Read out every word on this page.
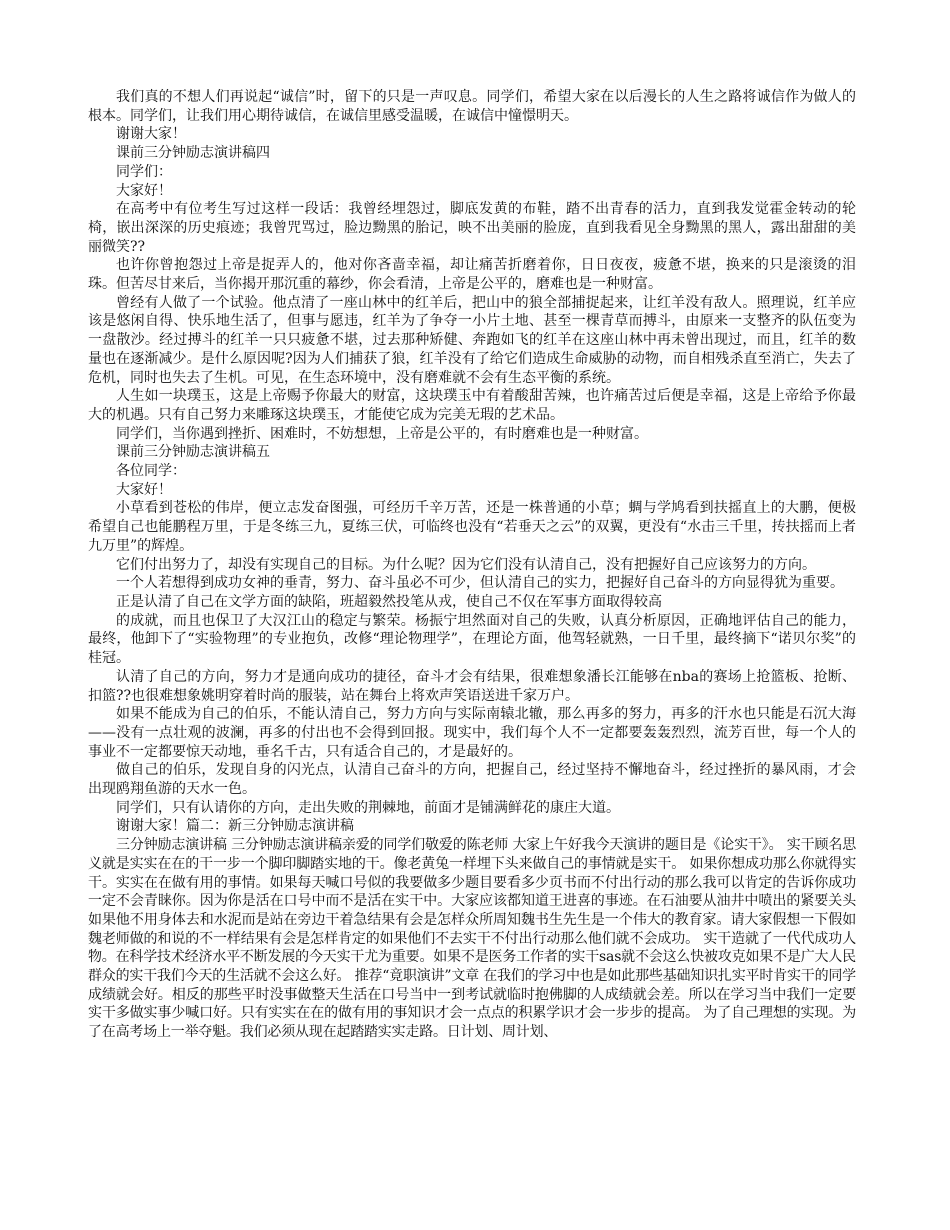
我们真的不想人们再说起“诚信”时，留下的只是一声叹息。同学们，希望大家在以后漫长的人生之路将诚信作为做人的根本。同学们，让我们用心期待诚信，在诚信里感受温暖，在诚信中憧憬明天。

谢谢大家！

课前三分钟励志演讲稿四

同学们：

大家好！

在高考中有位考生写过这样一段话：我曾经埋怨过，脚底发黄的布鞋，踏不出青春的活力，直到我发觉霍金转动的轮椅，嵌出深深的历史痕迹；我曾咒骂过，脸边黝黑的胎记，映不出美丽的脸庞，直到我看见全身黝黑的黑人，露出甜甜的美丽微笑??

也许你曾抱怨过上帝是捉弄人的，他对你吝啬幸福，却让痛苦折磨着你，日日夜夜，疲惫不堪，换来的只是滚烫的泪珠。但苦尽甘来后，当你揭开那沉重的幕纱，你会看清，上帝是公平的，磨难也是一种财富。

曾经有人做了一个试验。他点清了一座山林中的红羊后，把山中的狼全部捕捉起来，让红羊没有敌人。照理说，红羊应该是悠闲自得、快乐地生活了，但事与愿违，红羊为了争夺一小片土地、甚至一棵青草而搏斗，由原来一支整齐的队伍变为一盘散沙。经过搏斗的红羊一只只疲惫不堪，过去那种矫健、奔跑如飞的红羊在这座山林中再未曾出现过，而且，红羊的数量也在逐渐减少。是什么原因呢?因为人们捕获了狼，红羊没有了给它们造成生命威胁的动物，而自相残杀直至消亡，失去了危机，同时也失去了生机。可见，在生态环境中，没有磨难就不会有生态平衡的系统。

人生如一块璞玉，这是上帝赐予你最大的财富，这块璞玉中有着酸甜苦辣，也许痛苦过后便是幸福，这是上帝给予你最大的机遇。只有自己努力来雕琢这块璞玉，才能使它成为完美无瑕的艺术品。

同学们，当你遇到挫折、困难时，不妨想想，上帝是公平的，有时磨难也是一种财富。

课前三分钟励志演讲稿五

各位同学：

大家好！

小草看到苍松的伟岸，便立志发奋图强，可经历千辛万苦，还是一株普通的小草；蜩与学鸠看到扶摇直上的大鹏，便极希望自己也能鹏程万里，于是冬练三九，夏练三伏，可临终也没有“若垂天之云”的双翼，更没有“水击三千里，抟扶摇而上者九万里”的辉煌。

它们付出努力了，却没有实现自己的目标。为什么呢？因为它们没有认清自己，没有把握好自己应该努力的方向。

一个人若想得到成功女神的垂青，努力、奋斗虽必不可少，但认清自己的实力，把握好自己奋斗的方向显得犹为重要。

正是认清了自己在文学方面的缺陷，班超毅然投笔从戎，使自己不仅在军事方面取得较高

的成就，而且也保卫了大汉江山的稳定与繁荣。杨振宁坦然面对自己的失败，认真分析原因，正确地评估自己的能力，最终，他卸下了“实验物理”的专业抱负，改修“理论物理学”，在理论方面，他驾轻就熟，一日千里，最终摘下“诺贝尔奖”的桂冠。

认清了自己的方向，努力才是通向成功的捷径，奋斗才会有结果，很难想象潘长江能够在nba的赛场上抢篮板、抢断、扣篮??也很难想象姚明穿着时尚的服装，站在舞台上将欢声笑语送进千家万户。

如果不能成为自己的伯乐，不能认清自己，努力方向与实际南辕北辙，那么再多的努力，再多的汗水也只能是石沉大海——没有一点壮观的波澜，再多的付出也不会得到回报。现实中，我们每个人不一定都要轰轰烈烈，流芳百世，每一个人的事业不一定都要惊天动地，垂名千古，只有适合自己的，才是最好的。

做自己的伯乐，发现自身的闪光点，认清自己奋斗的方向，把握自己，经过坚持不懈地奋斗，经过挫折的暴风雨，才会出现鸥翔鱼游的天水一色。

同学们，只有认请你的方向，走出失败的荆棘地，前面才是铺满鲜花的康庄大道。

谢谢大家！篇二：新三分钟励志演讲稿

三分钟励志演讲稿 三分钟励志演讲稿亲爱的同学们敬爱的陈老师 大家上午好我今天演讲的题目是《论实干》。 实干顾名思义就是实实在在的干一步一个脚印脚踏实地的干。像老黄兔一样埋下头来做自己的事情就是实干。 如果你想成功那么你就得实干。实实在在做有用的事情。如果每天喊口号似的我要做多少题目要看多少页书而不付出行动的那么我可以肯定的告诉你成功一定不会青睐你。因为你是活在口号中而不是活在实干中。大家应该都知道王进喜的事迹。在石油要从油井中喷出的紧要关头如果他不用身体去和水泥而是站在旁边干着急结果有会是怎样众所周知魏书生先生是一个伟大的教育家。请大家假想一下假如魏老师做的和说的不一样结果有会是怎样肯定的如果他们不去实干不付出行动那么他们就不会成功。 实干造就了一代代成功人物。在科学技术经济水平不断发展的今天实干尤为重要。如果不是医务工作者的实干sas就不会这么快被攻克如果不是广大人民群众的实干我们今天的生活就不会这么好。 推荐“竟职演讲”文章 在我们的学习中也是如此那些基础知识扎实平时肯实干的同学成绩就会好。相反的那些平时没事做整天生活在口号当中一到考试就临时抱佛脚的人成绩就会差。所以在学习当中我们一定要实干多做实事少喊口好。只有实实在在的做有用的事知识才会一点点的积累学识才会一步步的提高。 为了自己理想的实现。为了在高考场上一举夺魁。我们必须从现在起踏踏实实走路。日计划、周计划、
